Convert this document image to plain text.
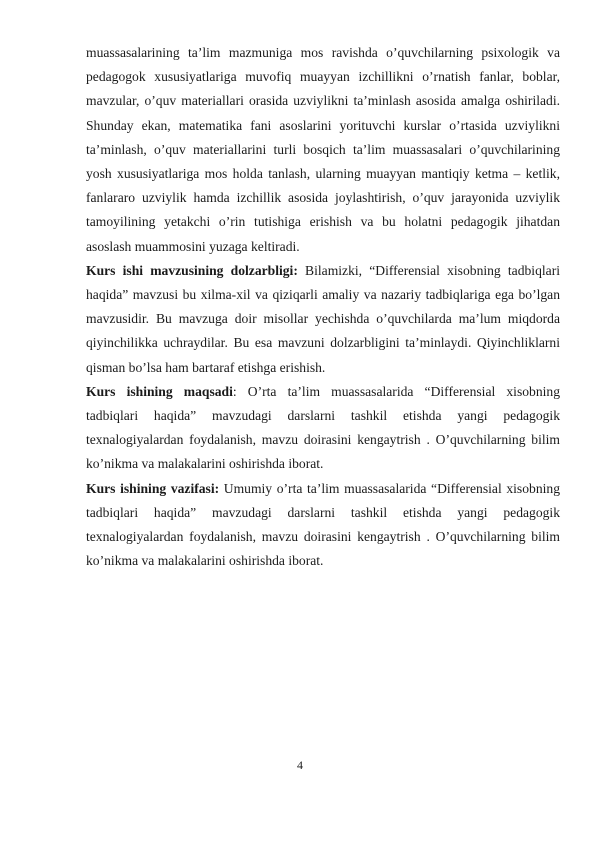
muassasalarining ta’lim mazmuniga mos ravishda o’quvchilarning psixologik va pedagogok xususiyatlariga muvofiq muayyan izchillikni o’rnatish fanlar, boblar, mavzular, o’quv materiallari orasida uzviylikni ta’minlash asosida amalga oshiriladi. Shunday ekan, matematika fani asoslarini yorituvchi kurslar o’rtasida uzviylikni ta’minlash, o’quv materiallarini turli bosqich ta’lim muassasalari o’quvchilarining yosh xususiyatlariga mos holda tanlash, ularning muayyan mantiqiy ketma – ketlik, fanlararo uzviylik hamda izchillik asosida joylashtirish, o’quv jarayonida uzviylik tamoyilining yetakchi o’rin tutishiga erishish va bu holatni pedagogik jihatdan asoslash muammosini yuzaga keltiradi.

Kurs ishi mavzusining dolzarbligi: Bilamizki, “Differensial xisobning tadbiqlari haqida” mavzusi bu xilma-xil va qiziqarli amaliy va nazariy tadbiqlariga ega bo’lgan mavzusidir. Bu mavzuga doir misollar yechishda o’quvchilarda ma’lum miqdorda qiyinchilikka uchraydilar. Bu esa mavzuni dolzarbligini ta’minlaydi. Qiyinchliklarni qisman bo’lsa ham bartaraf etishga erishish.

Kurs ishining maqsadi: O’rta ta’lim muassasalarida “Differensial xisobning tadbiqlari haqida” mavzudagi darslarni tashkil etishda yangi pedagogik texnalogiyalardan foydalanish, mavzu doirasini kengaytrish . O’quvchilarning bilim ko’nikma va malakalarini oshirishda iborat.

Kurs ishining vazifasi: Umumiy o’rta ta’lim muassasalarida “Differensial xisobning tadbiqlari haqida” mavzudagi darslarni tashkil etishda yangi pedagogik texnalogiyalardan foydalanish, mavzu doirasini kengaytrish . O’quvchilarning bilim ko’nikma va malakalarini oshirishda iborat.

4
